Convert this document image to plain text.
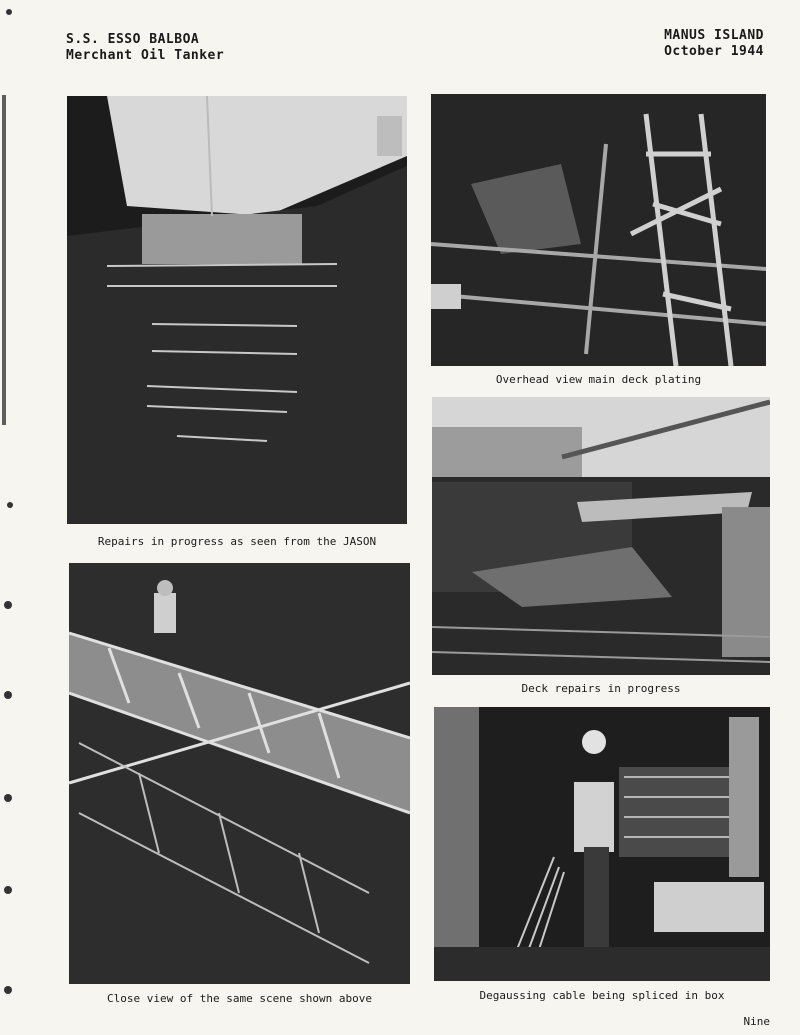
S.S. ESSO BALBOA
Merchant Oil Tanker
MANUS ISLAND
October 1944
Repairs in progress as seen from the JASON
Overhead view main deck plating
Deck repairs in progress
Close view of the same scene shown above	Degaussing cable being spliced in box
Nine
